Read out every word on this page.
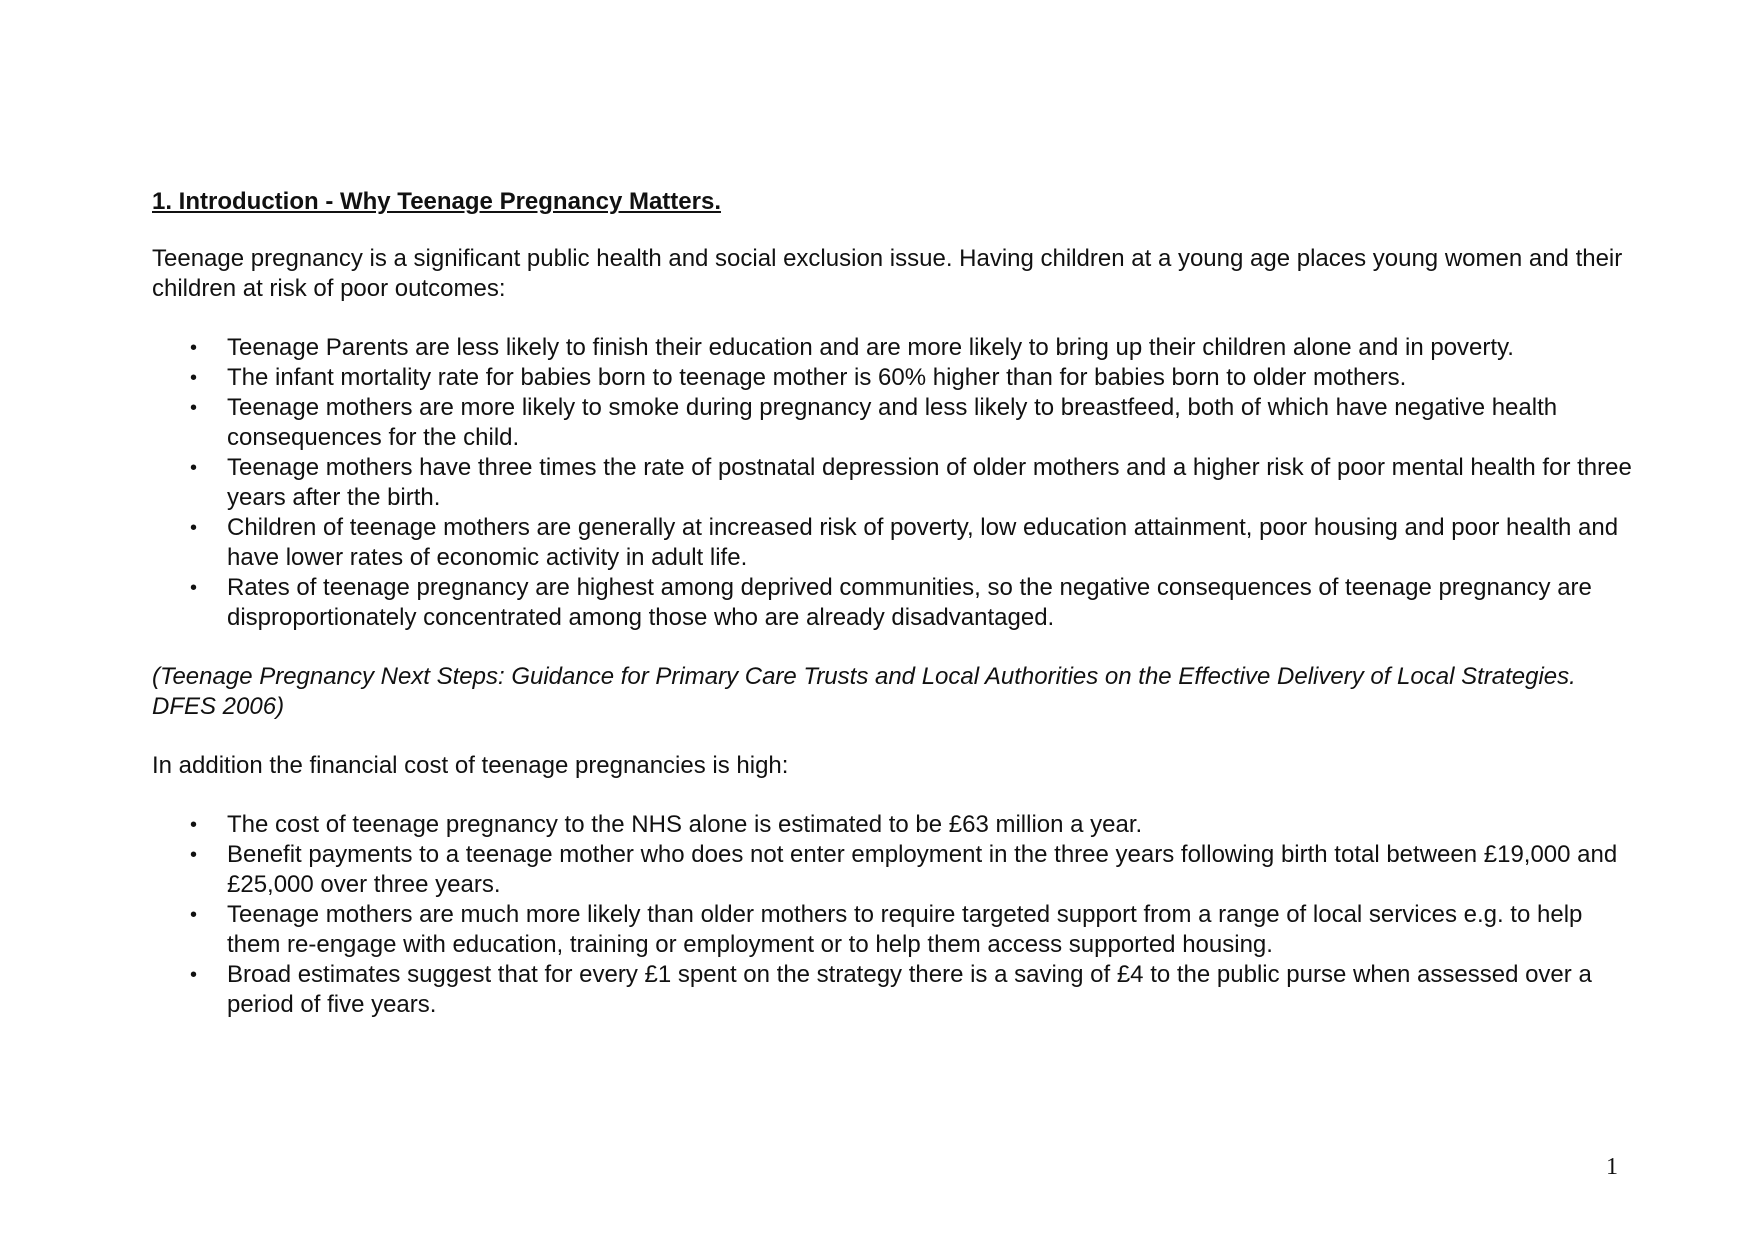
1. Introduction - Why Teenage Pregnancy Matters.

Teenage pregnancy is a significant public health and social exclusion issue. Having children at a young age places young women and their children at risk of poor outcomes:

• Teenage Parents are less likely to finish their education and are more likely to bring up their children alone and in poverty.
• The infant mortality rate for babies born to teenage mother is 60% higher than for babies born to older mothers.
• Teenage mothers are more likely to smoke during pregnancy and less likely to breastfeed, both of which have negative health consequences for the child.
• Teenage mothers have three times the rate of postnatal depression of older mothers and a higher risk of poor mental health for three years after the birth.
• Children of teenage mothers are generally at increased risk of poverty, low education attainment, poor housing and poor health and have lower rates of economic activity in adult life.
• Rates of teenage pregnancy are highest among deprived communities, so the negative consequences of teenage pregnancy are disproportionately concentrated among those who are already disadvantaged.

(Teenage Pregnancy Next Steps: Guidance for Primary Care Trusts and Local Authorities on the Effective Delivery of Local Strategies. DFES 2006)

In addition the financial cost of teenage pregnancies is high:

• The cost of teenage pregnancy to the NHS alone is estimated to be £63 million a year.
• Benefit payments to a teenage mother who does not enter employment in the three years following birth total between £19,000 and £25,000 over three years.
• Teenage mothers are much more likely than older mothers to require targeted support from a range of local services e.g. to help them re-engage with education, training or employment or to help them access supported housing.
• Broad estimates suggest that for every £1 spent on the strategy there is a saving of £4 to the public purse when assessed over a period of five years.
1
